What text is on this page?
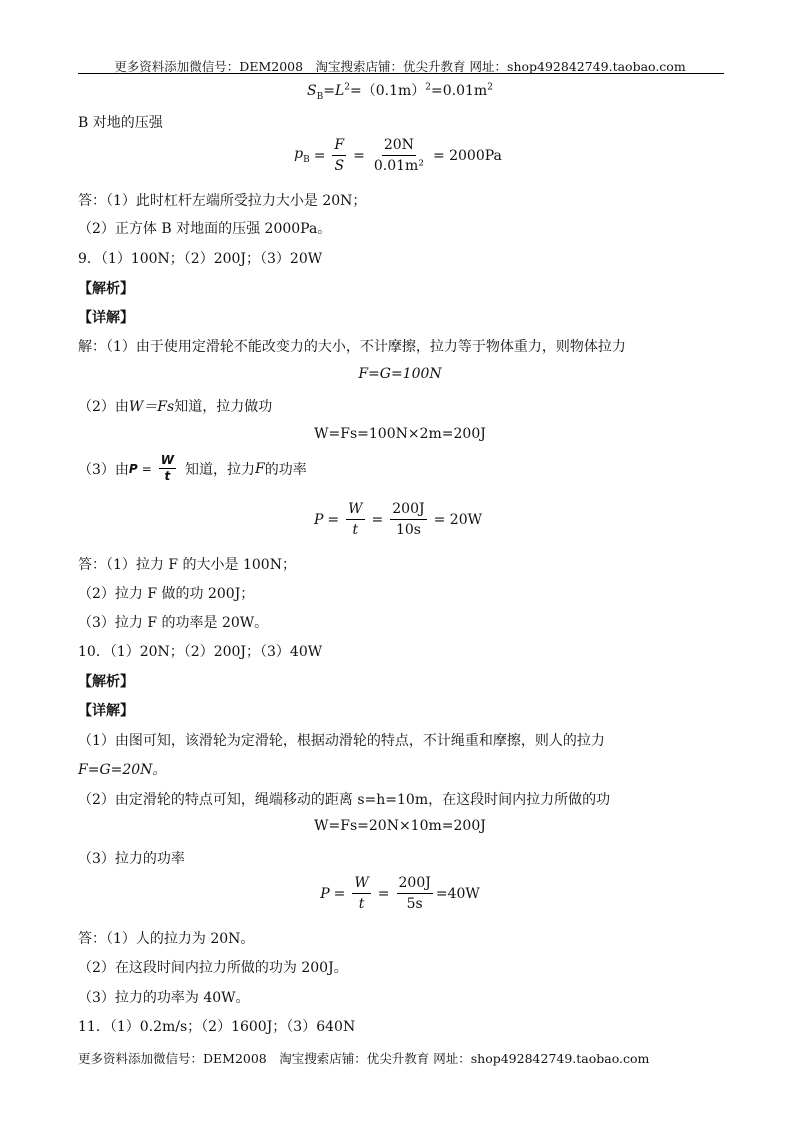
更多资料添加微信号：DEM2008　淘宝搜索店铺：优尖升教育 网址：shop492842749.taobao.com
$S_B=L^2=(0.1m)^2=0.01m^2$
B 对地的压强
$p_B = \frac{F}{S} = \frac{20N}{\text{0.01m²}} = 2000Pa$
答：（1）此时杠杆左端所受拉力大小是 20N；
（2）正方体 B 对地面的压强 2000Pa。
9．（1）100N；（2）200J；（3）20W
【解析】
【详解】
解：（1）由于使用定滑轮不能改变力的大小，不计摩擦，拉力等于物体重力，则物体拉力
F=G=100N
（2）由W＝Fs知道，拉力做功
W=Fs=100N×2m=200J
（3）由 $P = \frac{W}{t}$ 知道，拉力 F 的功率
$P = \frac{W}{t} = \frac{200J}{10s} = 20W$
答：（1）拉力 F 的大小是 100N；
（2）拉力 F 做的功 200J；
（3）拉力 F 的功率是 20W。
10．（1）20N；（2）200J；（3）40W
【解析】
【详解】
（1）由图可知，该滑轮为定滑轮，根据动滑轮的特点，不计绳重和摩擦，则人的拉力
F=G=20N。
（2）由定滑轮的特点可知，绳端移动的距离 s=h=10m，在这段时间内拉力所做的功
W=Fs=20N×10m=200J
（3）拉力的功率
$P = \frac{W}{t} = \frac{200J}{5s} =40W$
答：（1）人的拉力为 20N。
（2）在这段时间内拉力所做的功为 200J。
（3）拉力的功率为 40W。
11．（1）0.2m/s；（2）1600J；（3）640N
更多资料添加微信号：DEM2008　淘宝搜索店铺：优尖升教育 网址：shop492842749.taobao.com
